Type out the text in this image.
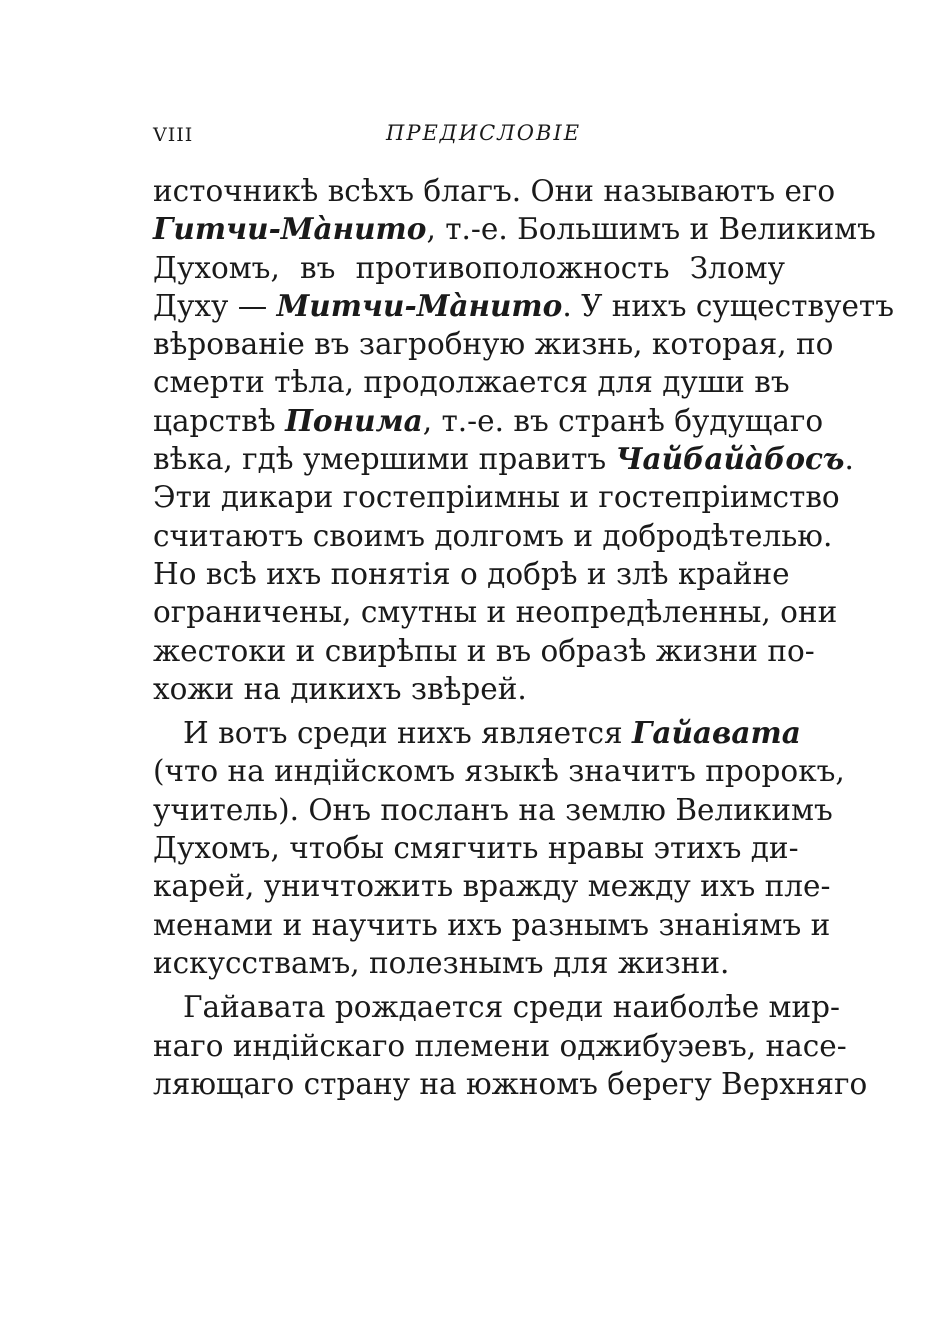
VIII	ПРЕДИСЛОВІЕ
источникѣ всѣхъ благъ. Они называютъ его
Гитчи-Мàнито, т.-е. Большимъ и Великимъ
Духомъ, въ противоположность Злому
Духу — Митчи-Мàнито. У нихъ существуетъ
вѣрованіе въ загробную жизнь, которая, по
смерти тѣла, продолжается для души въ
царствѣ Понима, т.-е. въ странѣ будущаго
вѣка, гдѣ умершими правитъ Чайбайàбосъ.
Эти дикари гостепріимны и гостепріимство
считаютъ своимъ долгомъ и добродѣтелью.
Но всѣ ихъ понятія о добрѣ и злѣ крайне
ограничены, смутны и неопредѣленны, они
жестоки и свирѣпы и въ образѣ жизни по-
хожи на дикихъ звѣрей.
И вотъ среди нихъ является Гайавата
(что на индійскомъ языкѣ значитъ пророкъ,
учитель). Онъ посланъ на землю Великимъ
Духомъ, чтобы смягчить нравы этихъ ди-
карей, уничтожить вражду между ихъ пле-
менами и научить ихъ разнымъ знаніямъ и
искусствамъ, полезнымъ для жизни.
Гайавата рождается среди наиболѣе мир-
наго индійскаго племени оджибуэевъ, насе-
ляющаго страну на южномъ берегу Верхняго
